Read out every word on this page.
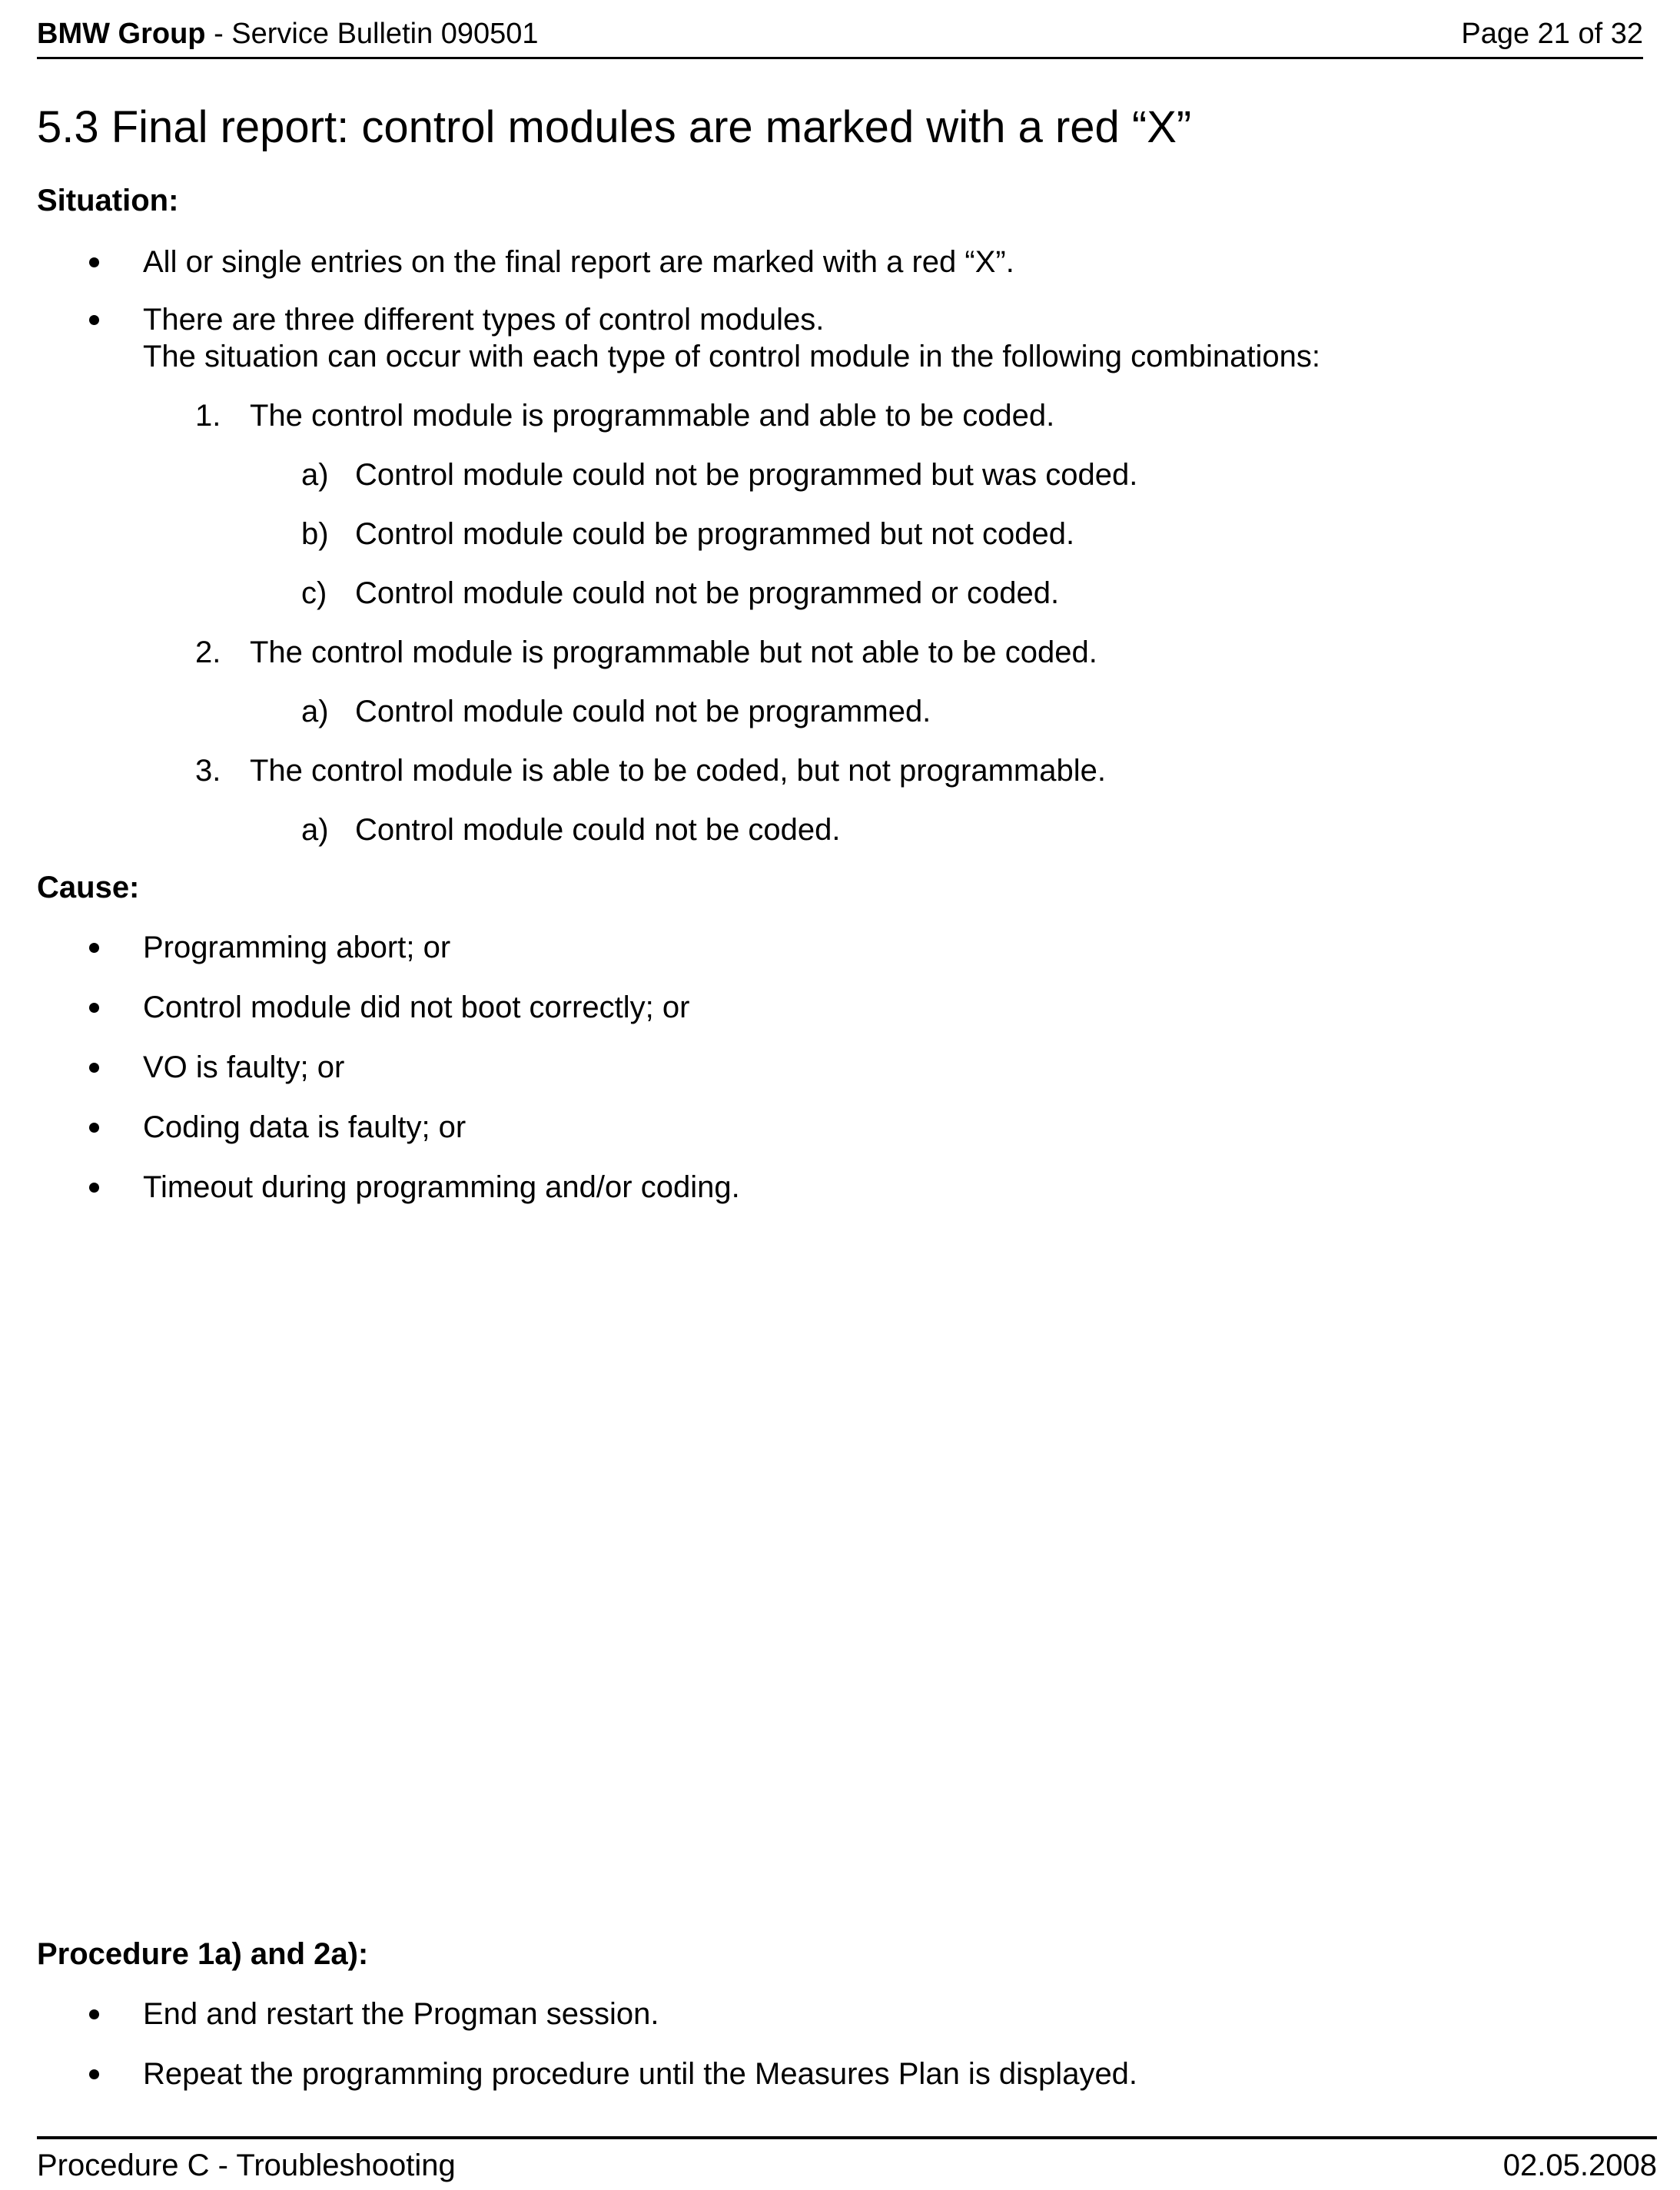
BMW Group - Service Bulletin 090501	Page 21 of 32
5.3 Final report: control modules are marked with a red “X”
Situation:
All or single entries on the final report are marked with a red “X”.
There are three different types of control modules.
The situation can occur with each type of control module in the following combinations:
1. The control module is programmable and able to be coded.
a) Control module could not be programmed but was coded.
b) Control module could be programmed but not coded.
c) Control module could not be programmed or coded.
2. The control module is programmable but not able to be coded.
a) Control module could not be programmed.
3. The control module is able to be coded, but not programmable.
a) Control module could not be coded.
Cause:
Programming abort; or
Control module did not boot correctly; or
VO is faulty; or
Coding data is faulty; or
Timeout during programming and/or coding.
Procedure 1a) and 2a):
End and restart the Progman session.
Repeat the programming procedure until the Measures Plan is displayed.
Procedure C - Troubleshooting	02.05.2008
